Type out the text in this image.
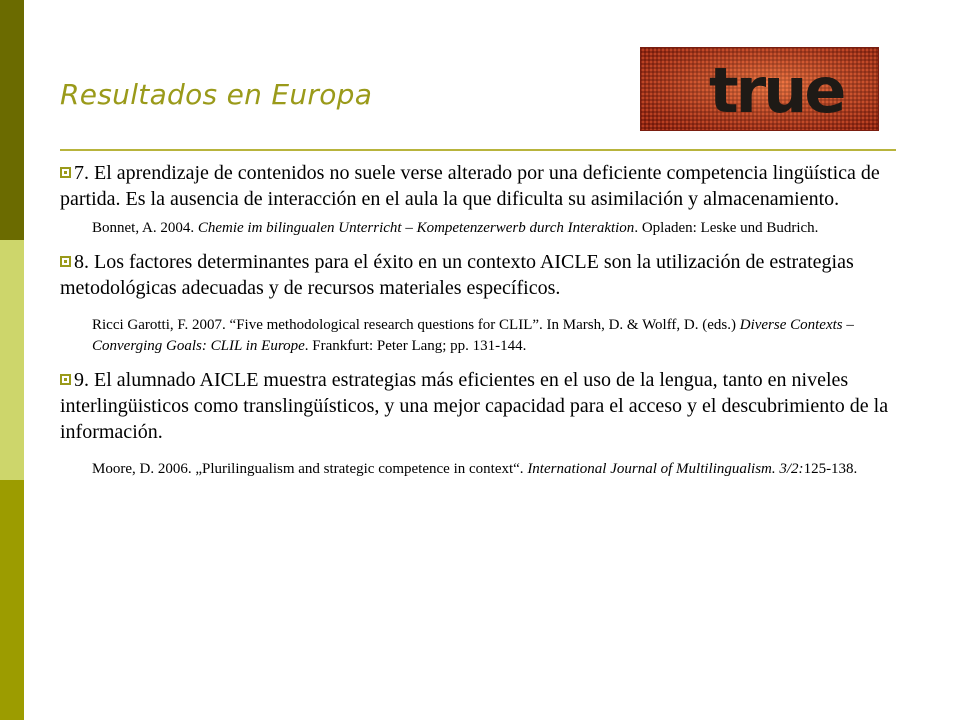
Resultados en Europa	true

7. El aprendizaje de contenidos no suele verse alterado por una deficiente competencia lingüística de partida. Es la ausencia de interacción en el aula la que dificulta su asimilación y almacenamiento.

Bonnet, A. 2004. Chemie im bilingualen Unterricht – Kompetenzerwerb durch Interaktion. Opladen: Leske und Budrich.

8. Los factores determinantes para el éxito en un contexto AICLE son la utilización de estrategias metodológicas adecuadas y de recursos materiales específicos.

Ricci Garotti, F. 2007. “Five methodological research questions for CLIL”. In Marsh, D. & Wolff, D. (eds.) Diverse Contexts – Converging Goals: CLIL in Europe. Frankfurt: Peter Lang; pp. 131-144.

9. El alumnado AICLE muestra estrategias más eficientes en el uso de la lengua, tanto en niveles interlingüisticos como translingüísticos, y una mejor capacidad para el acceso y el descubrimiento de la información.

Moore, D. 2006. „Plurilingualism and strategic competence in context“. International Journal of Multilingualism. 3/2:125-138.
